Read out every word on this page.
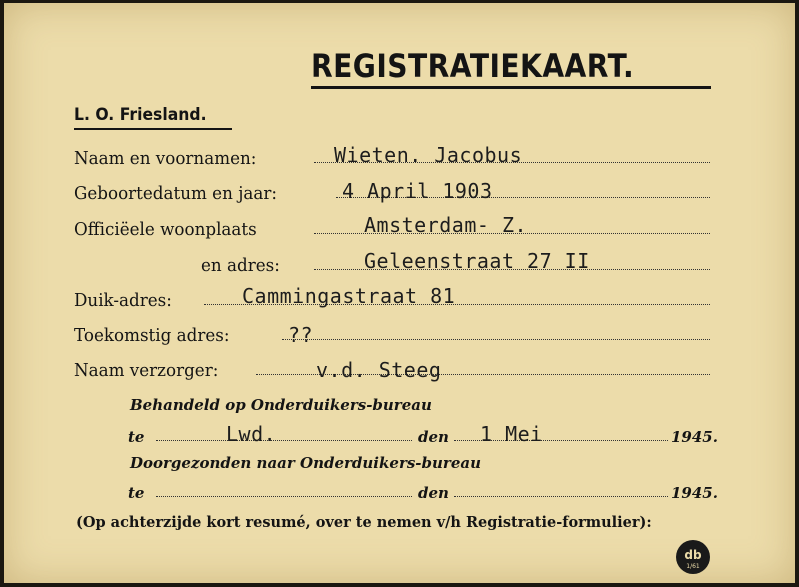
REGISTRATIEKAART.
L. O. Friesland.
Naam en voornamen:	Wieten. Jacobus
Geboortedatum en jaar:	4 April 1903
Officiëele woonplaats	Amsterdam- Z.
en adres:	Geleenstraat 27 II
Duik-adres:	Cammingastraat 81
Toekomstig adres:	??
Naam verzorger:	v.d. Steeg
Behandeld op Onderduikers-bureau
te	Lwd.	den 1 Mei	1945.
Doorgezonden naar Onderduikers-bureau
te	den	1945.
(Op achterzijde kort resumé, over te nemen v/h Registratie-formulier):
db
1/61
